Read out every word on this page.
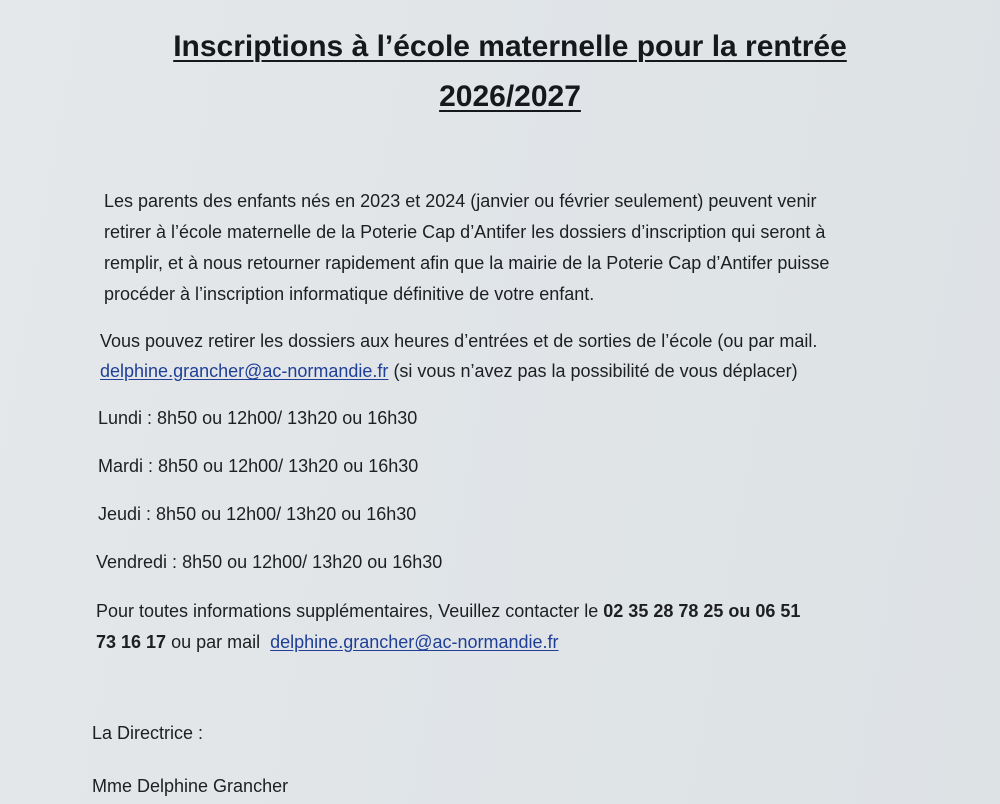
Inscriptions à l’école maternelle pour la rentrée
2026/2027
Les parents des enfants nés en 2023 et 2024 (janvier ou février seulement) peuvent venir
retirer à l’école maternelle de la Poterie Cap d’Antifer les dossiers d’inscription qui seront à
remplir, et à nous retourner rapidement afin que la mairie de la Poterie Cap d’Antifer puisse
procéder à l’inscription informatique définitive de votre enfant.
Vous pouvez retirer les dossiers aux heures d’entrées et de sorties de l’école (ou par mail.
delphine.grancher@ac-normandie.fr (si vous n’avez pas la possibilité de vous déplacer)
Lundi : 8h50 ou 12h00/ 13h20 ou 16h30
Mardi : 8h50 ou 12h00/ 13h20 ou 16h30
Jeudi : 8h50 ou 12h00/ 13h20 ou 16h30
Vendredi : 8h50 ou 12h00/ 13h20 ou 16h30
Pour toutes informations supplémentaires, Veuillez contacter le 02 35 28 78 25 ou 06 51
73 16 17 ou par mail  delphine.grancher@ac-normandie.fr
La Directrice :
Mme Delphine Grancher
